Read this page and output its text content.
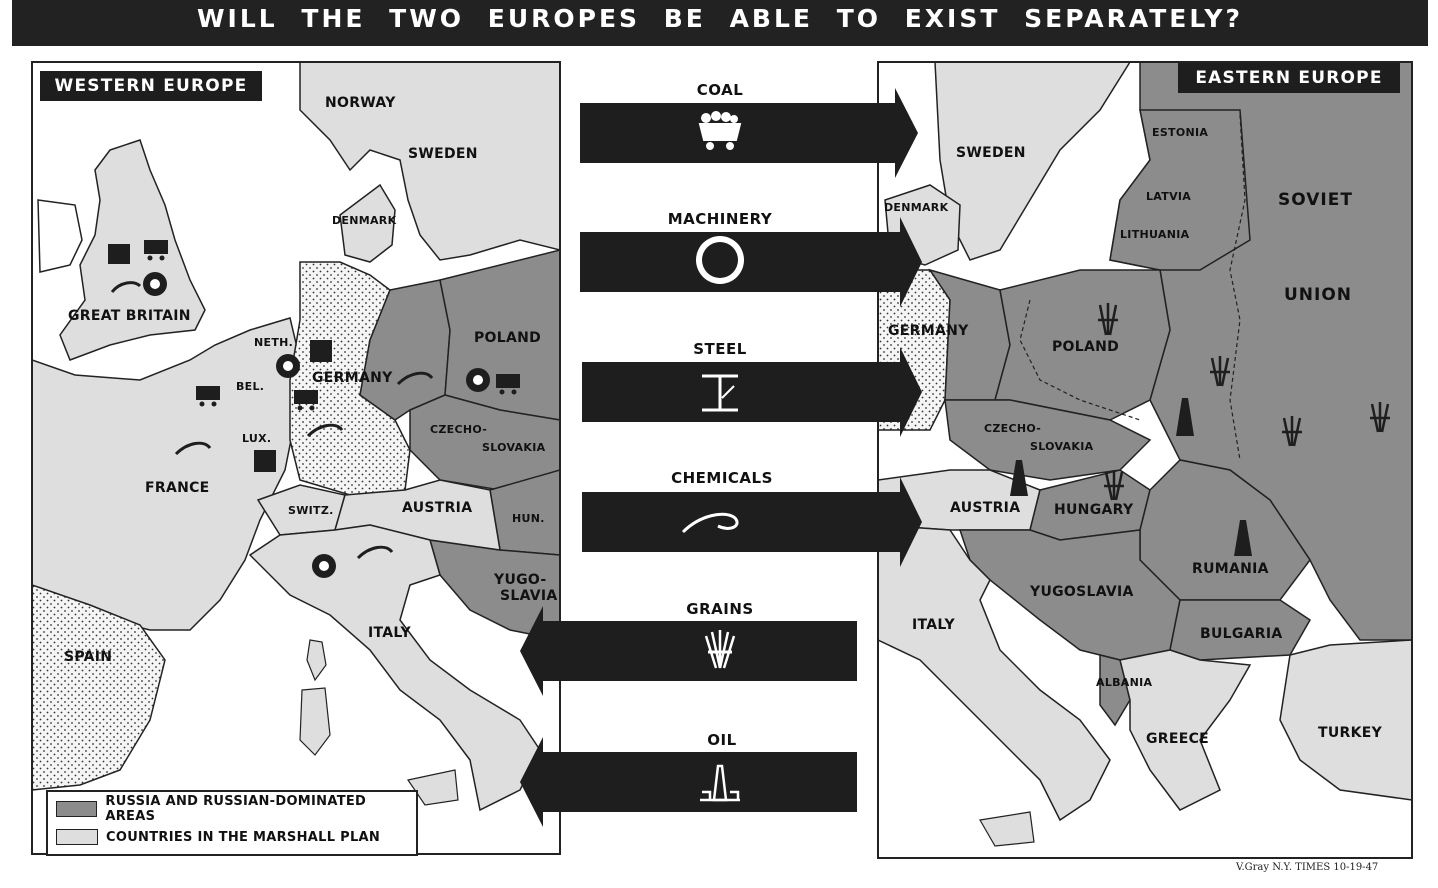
WILL THE TWO EUROPES BE ABLE TO EXIST SEPARATELY?
WESTERN EUROPE	EASTERN EUROPE
NORWAY
SWEDEN
DENMARK
GREAT BRITAIN
NETH.
BEL.
LUX.
GERMANY
POLAND
CZECHO-
SLOVAKIA
FRANCE
SWITZ.	AUSTRIA
HUN.
YUGO-
SLAVIA
ITALY
SPAIN
SWEDEN
DENMARK
ESTONIA
LATVIA
LITHUANIA
SOVIET
UNION
GERMANY
POLAND
CZECHO-
SLOVAKIA
AUSTRIA HUNGARY
RUMANIA
YUGOSLAVIA
ITALY
BULGARIA
ALBANIA
GREECE	TURKEY
COAL
MACHINERY
STEEL
CHEMICALS
GRAINS
OIL
RUSSIA AND RUSSIAN-DOMINATED AREAS
COUNTRIES IN THE MARSHALL PLAN
V.Gray N.Y. TIMES 10-19-47
